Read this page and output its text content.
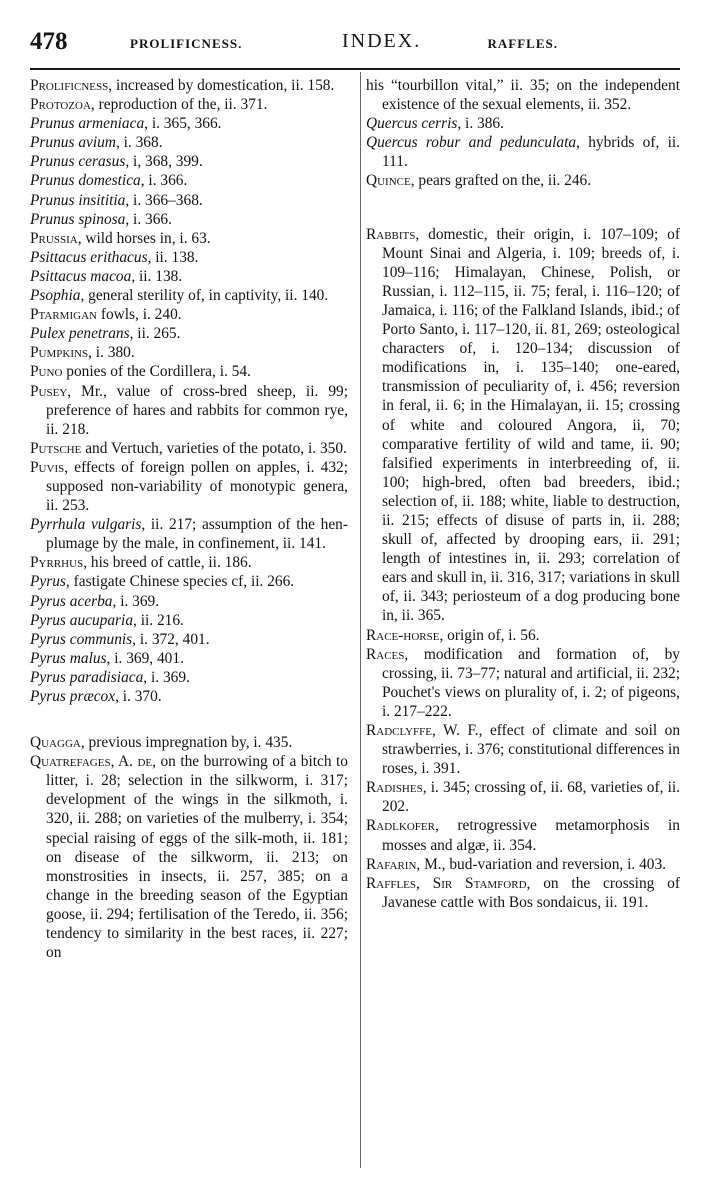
478	PROLIFICNESS.	INDEX.	RAFFLES.
Prolificness, increased by domestication, ii. 158.
Protozoa, reproduction of the, ii. 371.
Prunus armeniaca, i. 365, 366.
Prunus avium, i. 368.
Prunus cerasus, i, 368, 399.
Prunus domestica, i. 366.
Prunus insititia, i. 366–368.
Prunus spinosa, i. 366.
Prussia, wild horses in, i. 63.
Psittacus erithacus, ii. 138.
Psittacus macoa, ii. 138.
Psophia, general sterility of, in captivity, ii. 140.
Ptarmigan fowls, i. 240.
Pulex penetrans, ii. 265.
Pumpkins, i. 380.
Puno ponies of the Cordillera, i. 54.
Pusey, Mr., value of cross-bred sheep, ii. 99; preference of hares and rabbits for common rye, ii. 218.
Putsche and Vertuch, varieties of the potato, i. 350.
Puvis, effects of foreign pollen on apples, i. 432; supposed non-variability of monotypic genera, ii. 253.
Pyrrhula vulgaris, ii. 217; assumption of the hen-plumage by the male, in confinement, ii. 141.
Pyrrhus, his breed of cattle, ii. 186.
Pyrus, fastigate Chinese species cf, ii. 266.
Pyrus acerba, i. 369.
Pyrus aucuparia, ii. 216.
Pyrus communis, i. 372, 401.
Pyrus malus, i. 369, 401.
Pyrus paradisiaca, i. 369.
Pyrus præcox, i. 370.
Quagga, previous impregnation by, i. 435.
Quatrefages, A. de, on the burrowing of a bitch to litter, i. 28; selection in the silkworm, i. 317; development of the wings in the silkmoth, i. 320, ii. 288; on varieties of the mulberry, i. 354; special raising of eggs of the silk-moth, ii. 181; on disease of the silkworm, ii. 213; on monstrosities in insects, ii. 257, 385; on a change in the breeding season of the Egyptian goose, ii. 294; fertilisation of the Teredo, ii. 356; tendency to similarity in the best races, ii. 227; on
his “tourbillon vital,” ii. 35; on the independent existence of the sexual elements, ii. 352.
Quercus cerris, i. 386.
Quercus robur and pedunculata, hybrids of, ii. 111.
Quince, pears grafted on the, ii. 246.
Rabbits, domestic, their origin, i. 107–109; of Mount Sinai and Algeria, i. 109; breeds of, i. 109–116; Himalayan, Chinese, Polish, or Russian, i. 112–115, ii. 75; feral, i. 116–120; of Jamaica, i. 116; of the Falkland Islands, ibid.; of Porto Santo, i. 117–120, ii. 81, 269; osteological characters of, i. 120–134; discussion of modifications in, i. 135–140; one-eared, transmission of peculiarity of, i. 456; reversion in feral, ii. 6; in the Himalayan, ii. 15; crossing of white and coloured Angora, ii, 70; comparative fertility of wild and tame, ii. 90; falsified experiments in interbreeding of, ii. 100; high-bred, often bad breeders, ibid.; selection of, ii. 188; white, liable to destruction, ii. 215; effects of disuse of parts in, ii. 288; skull of, affected by drooping ears, ii. 291; length of intestines in, ii. 293; correlation of ears and skull in, ii. 316, 317; variations in skull of, ii. 343; periosteum of a dog producing bone in, ii. 365.
Race-horse, origin of, i. 56.
Races, modification and formation of, by crossing, ii. 73–77; natural and artificial, ii. 232; Pouchet's views on plurality of, i. 2; of pigeons, i. 217–222.
Radclyffe, W. F., effect of climate and soil on strawberries, i. 376; constitutional differences in roses, i. 391.
Radishes, i. 345; crossing of, ii. 68, varieties of, ii. 202.
Radlkofer, retrogressive metamorphosis in mosses and algæ, ii. 354.
Rafarin, M., bud-variation and reversion, i. 403.
Raffles, Sir Stamford, on the crossing of Javanese cattle with Bos sondaicus, ii. 191.
